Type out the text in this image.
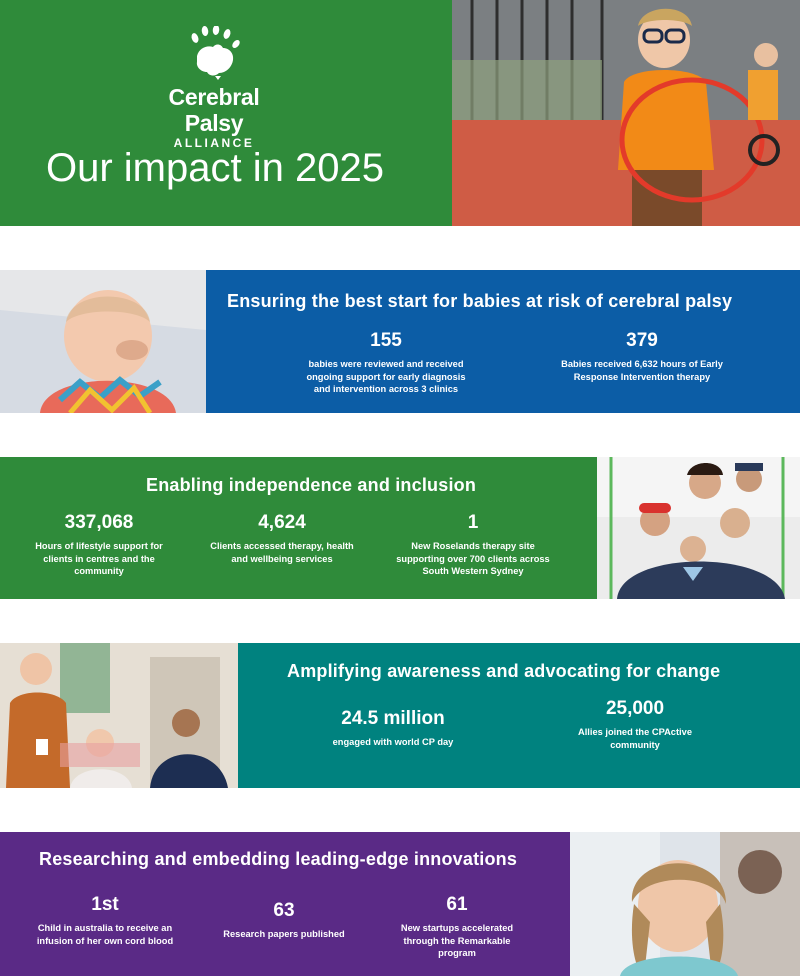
Cerebral Palsy
ALLIANCE
Our impact in 2025
Ensuring the best start for babies at risk of cerebral palsy
155
babies were reviewed and received ongoing support for early diagnosis and intervention across 3 clinics
379
Babies received 6,632 hours of Early Response Intervention therapy
Enabling independence and inclusion
337,068
Hours of lifestyle support for clients in centres and the community
4,624
Clients accessed therapy, health and wellbeing services
1
New Roselands therapy site supporting over 700 clients across South Western Sydney
Amplifying awareness and advocating for change
24.5 million
engaged with world CP day
25,000
Allies joined the CPActive community
Researching and embedding leading-edge innovations
1st
Child in australia to receive an infusion of her own cord blood
63
Research papers published
61
New startups accelerated through the Remarkable program
